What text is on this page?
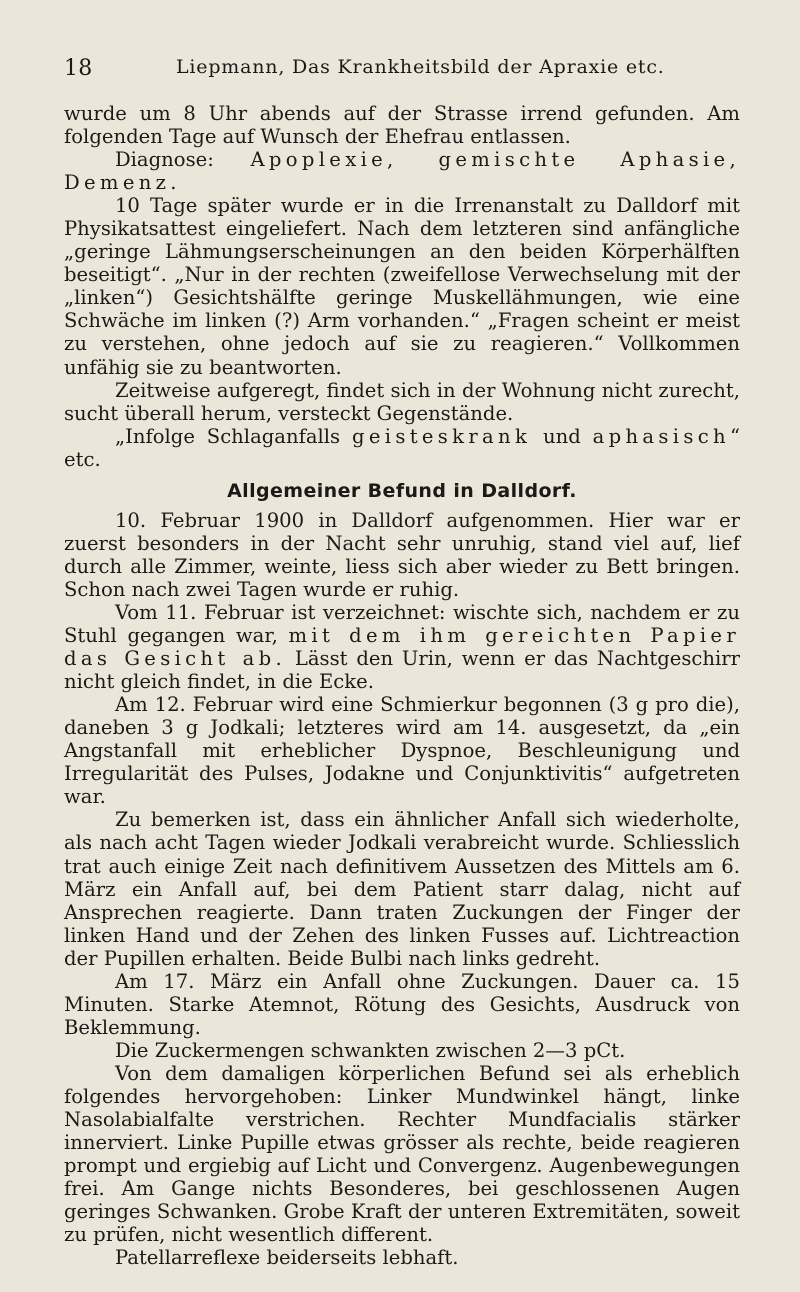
18	Liepmann, Das Krankheitsbild der Apraxie etc.

wurde um 8 Uhr abends auf der Strasse irrend gefunden. Am folgenden Tage auf Wunsch der Ehefrau entlassen.

Diagnose: Apoplexie, gemischte Aphasie, Demenz.

10 Tage später wurde er in die Irrenanstalt zu Dalldorf mit Physikatsattest eingeliefert. Nach dem letzteren sind anfängliche „geringe Lähmungserscheinungen an den beiden Körperhälften beseitigt“. „Nur in der rechten (zweifellose Verwechselung mit der „linken“) Gesichtshälfte geringe Muskellähmungen, wie eine Schwäche im linken (?) Arm vorhanden.“ „Fragen scheint er meist zu verstehen, ohne jedoch auf sie zu reagieren.“ Vollkommen unfähig sie zu beantworten.

Zeitweise aufgeregt, findet sich in der Wohnung nicht zurecht, sucht überall herum, versteckt Gegenstände.

„Infolge Schlaganfalls geisteskrank und aphasisch“ etc.

Allgemeiner Befund in Dalldorf.

10. Februar 1900 in Dalldorf aufgenommen. Hier war er zuerst besonders in der Nacht sehr unruhig, stand viel auf, lief durch alle Zimmer, weinte, liess sich aber wieder zu Bett bringen. Schon nach zwei Tagen wurde er ruhig.

Vom 11. Februar ist verzeichnet: wischte sich, nachdem er zu Stuhl gegangen war, mit dem ihm gereichten Papier das Gesicht ab. Lässt den Urin, wenn er das Nachtgeschirr nicht gleich findet, in die Ecke.

Am 12. Februar wird eine Schmierkur begonnen (3 g pro die), daneben 3 g Jodkali; letzteres wird am 14. ausgesetzt, da „ein Angstanfall mit erheblicher Dyspnoe, Beschleunigung und Irregularität des Pulses, Jodakne und Conjunktivitis“ aufgetreten war.

Zu bemerken ist, dass ein ähnlicher Anfall sich wiederholte, als nach acht Tagen wieder Jodkali verabreicht wurde. Schliesslich trat auch einige Zeit nach definitivem Aussetzen des Mittels am 6. März ein Anfall auf, bei dem Patient starr dalag, nicht auf Ansprechen reagierte. Dann traten Zuckungen der Finger der linken Hand und der Zehen des linken Fusses auf. Lichtreaction der Pupillen erhalten. Beide Bulbi nach links gedreht.

Am 17. März ein Anfall ohne Zuckungen. Dauer ca. 15 Minuten. Starke Atemnot, Rötung des Gesichts, Ausdruck von Beklemmung.

Die Zuckermengen schwankten zwischen 2—3 pCt.

Von dem damaligen körperlichen Befund sei als erheblich folgendes hervorgehoben: Linker Mundwinkel hängt, linke Nasolabialfalte verstrichen. Rechter Mundfacialis stärker innerviert. Linke Pupille etwas grösser als rechte, beide reagieren prompt und ergiebig auf Licht und Convergenz. Augenbewegungen frei. Am Gange nichts Besonderes, bei geschlossenen Augen geringes Schwanken. Grobe Kraft der unteren Extremitäten, soweit zu prüfen, nicht wesentlich different.

Patellarreflexe beiderseits lebhaft.
